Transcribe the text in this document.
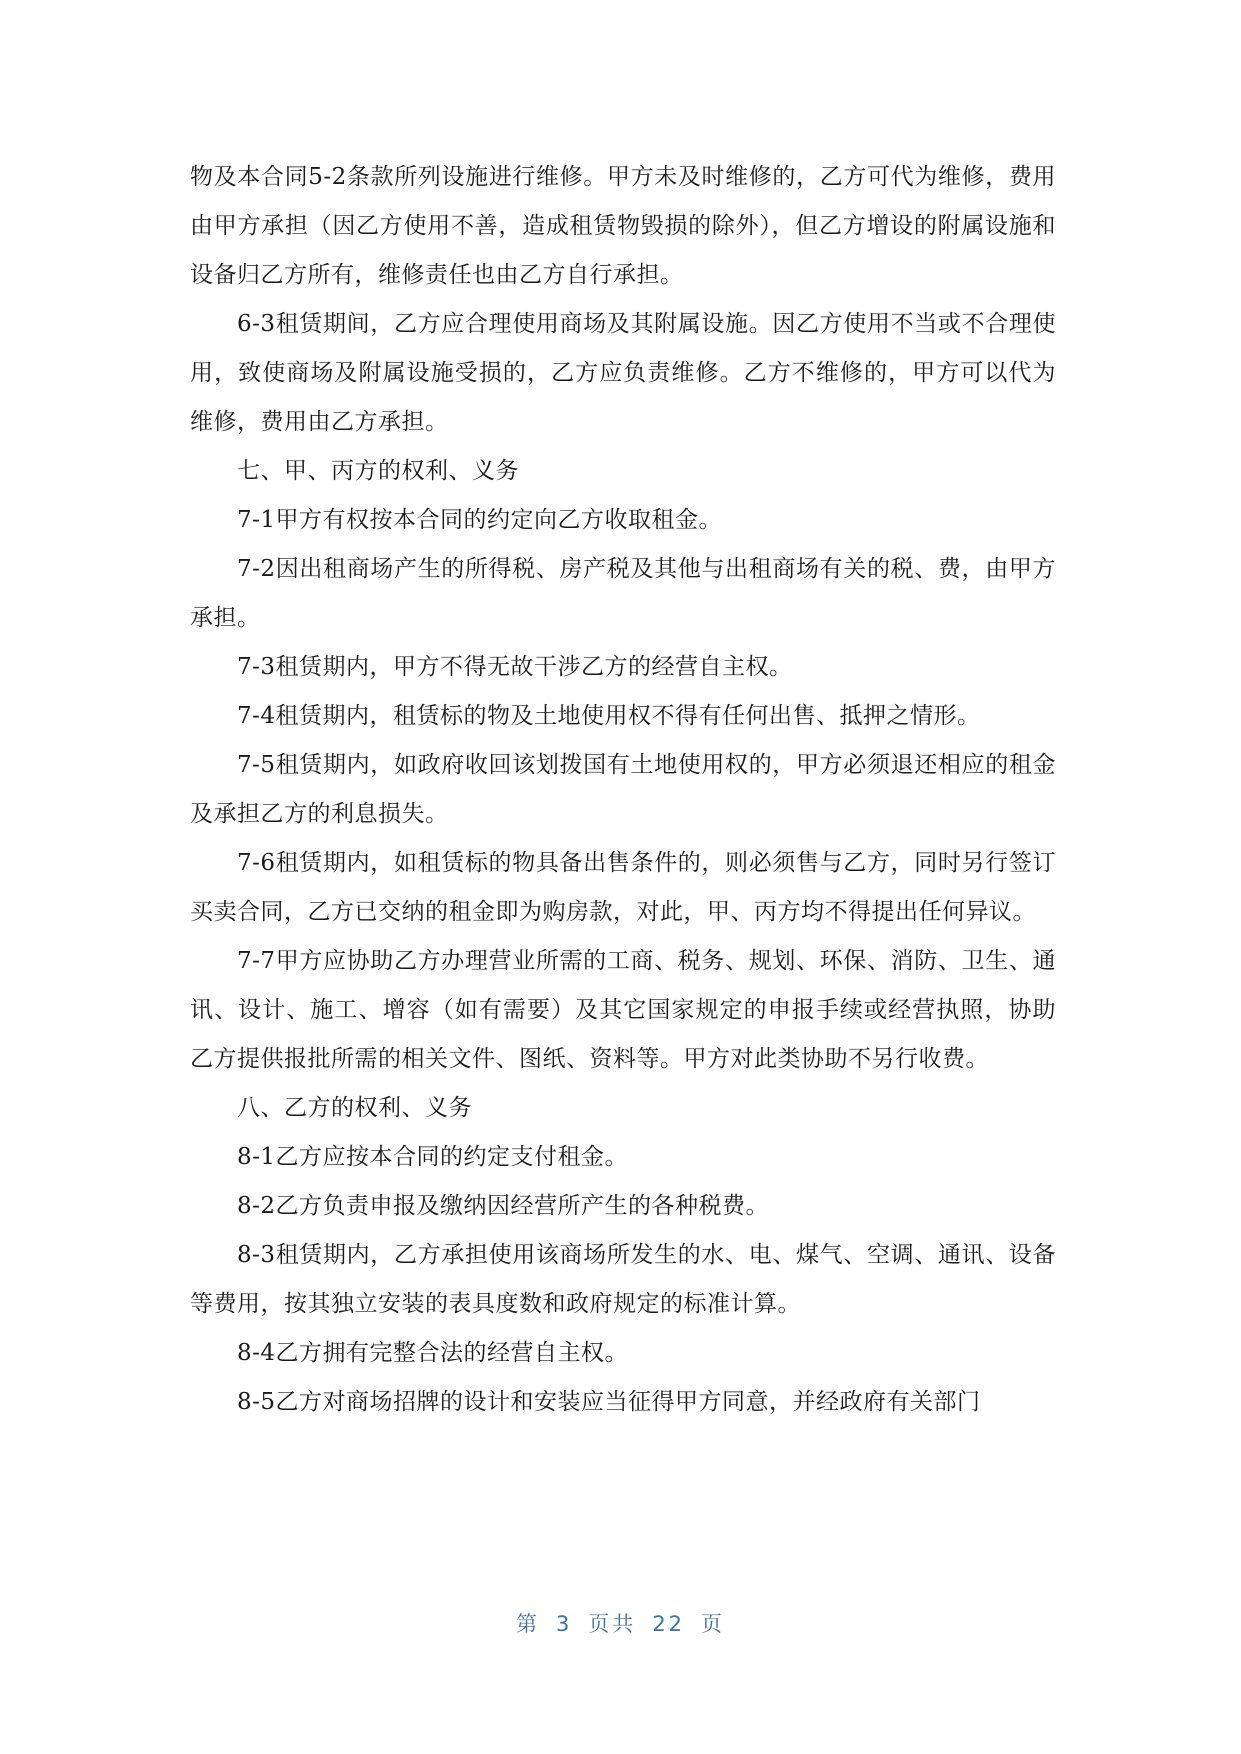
物及本合同5-2条款所列设施进行维修。甲方未及时维修的，乙方可代为维修，费用由甲方承担（因乙方使用不善，造成租赁物毁损的除外），但乙方增设的附属设施和设备归乙方所有，维修责任也由乙方自行承担。

6-3租赁期间，乙方应合理使用商场及其附属设施。因乙方使用不当或不合理使用，致使商场及附属设施受损的，乙方应负责维修。乙方不维修的，甲方可以代为维修，费用由乙方承担。

七、甲、丙方的权利、义务

7-1甲方有权按本合同的约定向乙方收取租金。

7-2因出租商场产生的所得税、房产税及其他与出租商场有关的税、费，由甲方承担。

7-3租赁期内，甲方不得无故干涉乙方的经营自主权。

7-4租赁期内，租赁标的物及土地使用权不得有任何出售、抵押之情形。

7-5租赁期内，如政府收回该划拨国有土地使用权的，甲方必须退还相应的租金及承担乙方的利息损失。

7-6租赁期内，如租赁标的物具备出售条件的，则必须售与乙方，同时另行签订买卖合同，乙方已交纳的租金即为购房款，对此，甲、丙方均不得提出任何异议。

7-7甲方应协助乙方办理营业所需的工商、税务、规划、环保、消防、卫生、通讯、设计、施工、增容（如有需要）及其它国家规定的申报手续或经营执照，协助乙方提供报批所需的相关文件、图纸、资料等。甲方对此类协助不另行收费。

八、乙方的权利、义务

8-1乙方应按本合同的约定支付租金。

8-2乙方负责申报及缴纳因经营所产生的各种税费。

8-3租赁期内，乙方承担使用该商场所发生的水、电、煤气、空调、通讯、设备等费用，按其独立安装的表具度数和政府规定的标准计算。

8-4乙方拥有完整合法的经营自主权。

8-5乙方对商场招牌的设计和安装应当征得甲方同意，并经政府有关部门

第 3 页共 22 页
